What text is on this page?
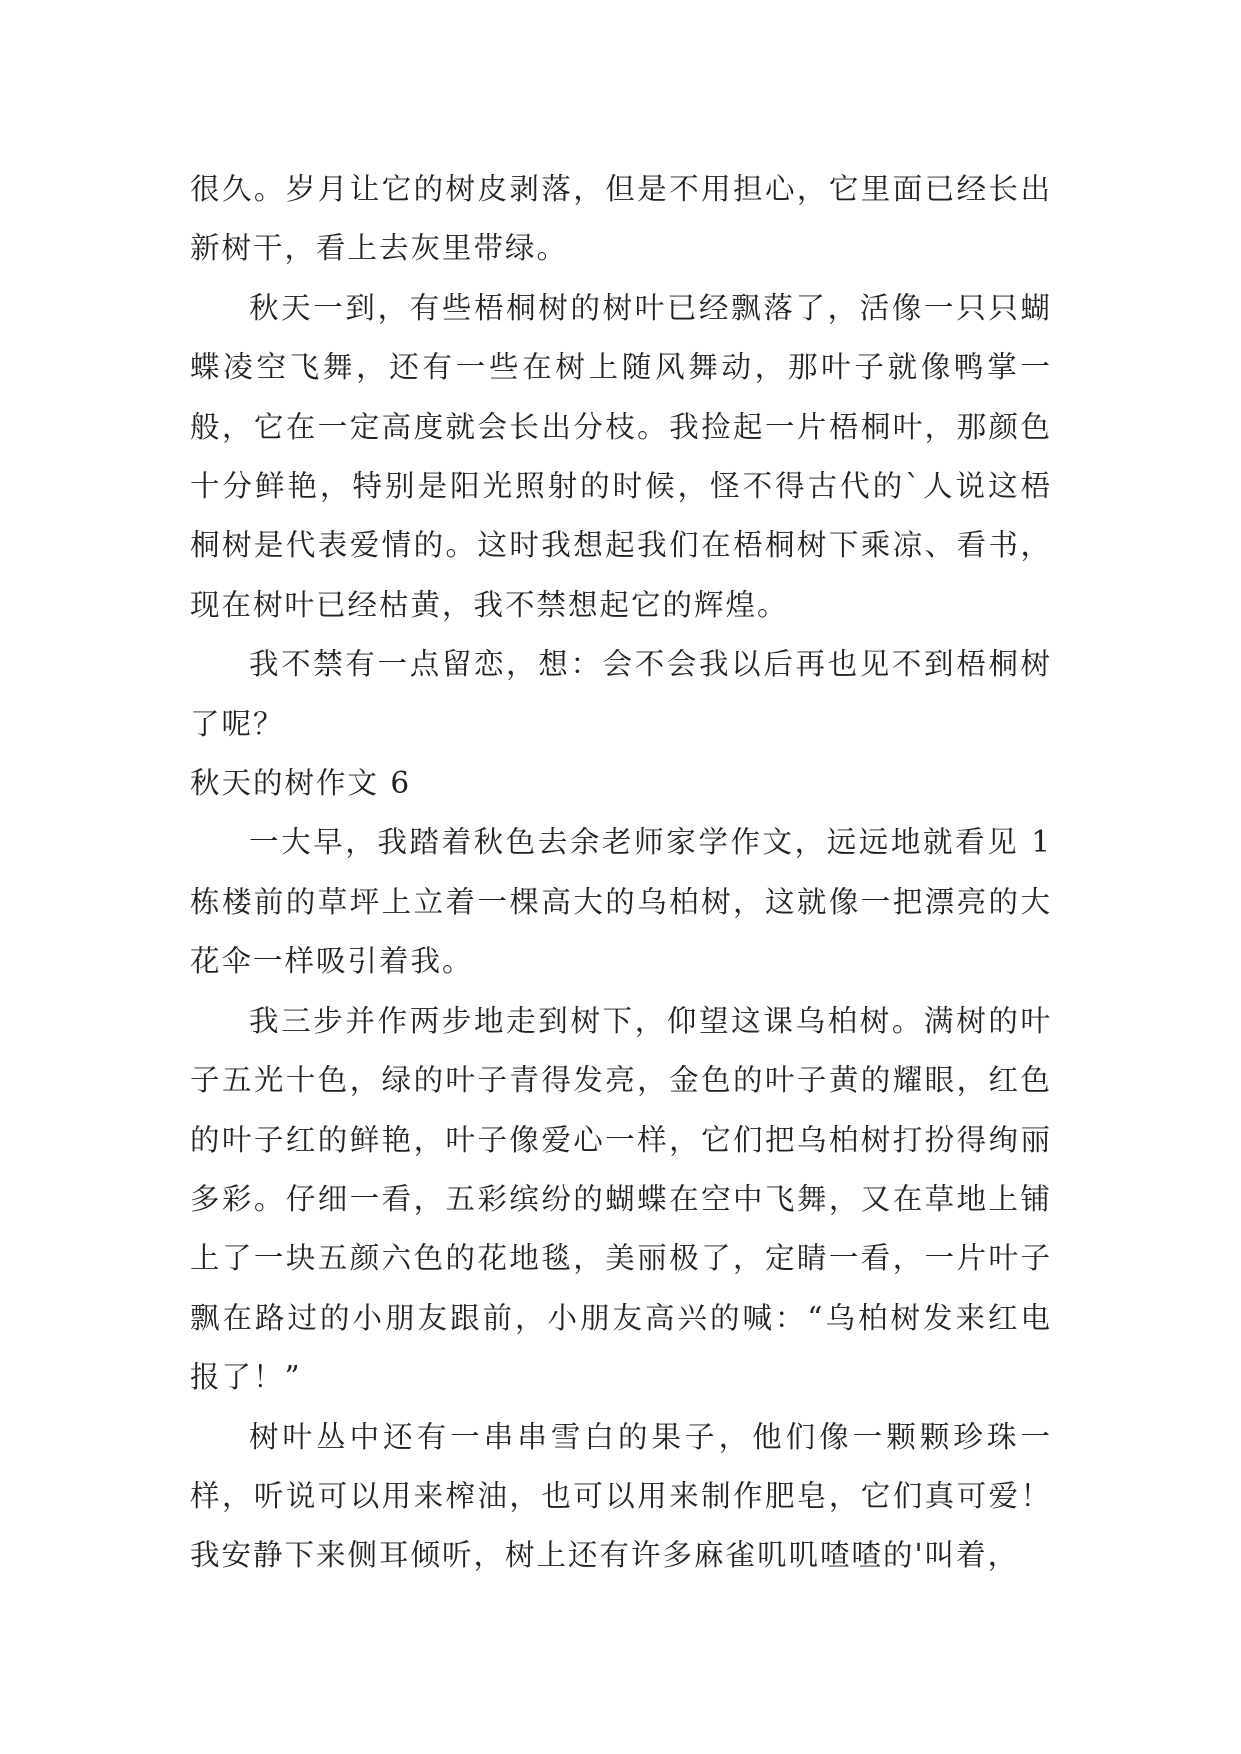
很久。岁月让它的树皮剥落，但是不用担心，它里面已经长出新树干，看上去灰里带绿。

秋天一到，有些梧桐树的树叶已经飘落了，活像一只只蝴蝶凌空飞舞，还有一些在树上随风舞动，那叶子就像鸭掌一般，它在一定高度就会长出分枝。我捡起一片梧桐叶，那颜色十分鲜艳，特别是阳光照射的时候，怪不得古代的`人说这梧桐树是代表爱情的。这时我想起我们在梧桐树下乘凉、看书，现在树叶已经枯黄，我不禁想起它的辉煌。

我不禁有一点留恋，想：会不会我以后再也见不到梧桐树了呢？

秋天的树作文 6

一大早，我踏着秋色去余老师家学作文，远远地就看见 1 栋楼前的草坪上立着一棵高大的乌柏树，这就像一把漂亮的大花伞一样吸引着我。

我三步并作两步地走到树下，仰望这课乌柏树。满树的叶子五光十色，绿的叶子青得发亮，金色的叶子黄的耀眼，红色的叶子红的鲜艳，叶子像爱心一样，它们把乌柏树打扮得绚丽多彩。仔细一看，五彩缤纷的蝴蝶在空中飞舞，又在草地上铺上了一块五颜六色的花地毯，美丽极了，定睛一看，一片叶子飘在路过的小朋友跟前，小朋友高兴的喊：“乌柏树发来红电报了！”

树叶丛中还有一串串雪白的果子，他们像一颗颗珍珠一样，听说可以用来榨油，也可以用来制作肥皂，它们真可爱！我安静下来侧耳倾听，树上还有许多麻雀叽叽喳喳的'叫着，
